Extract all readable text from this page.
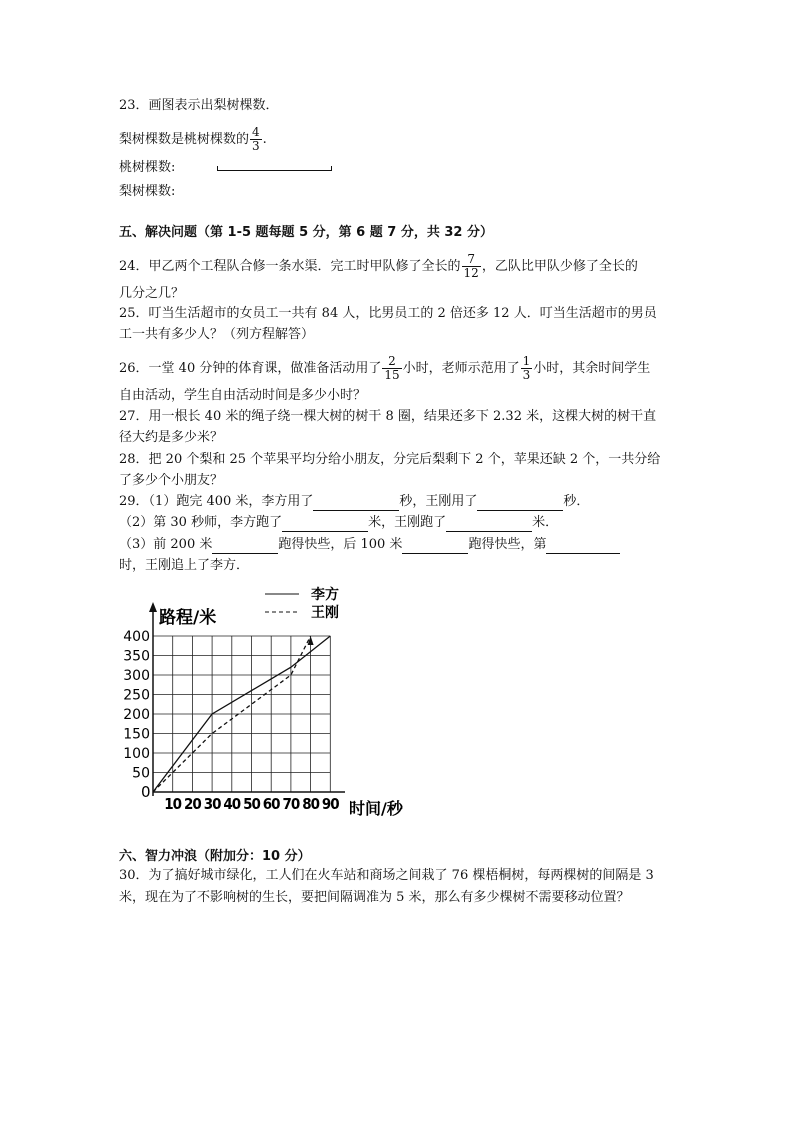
23．画图表示出梨树棵数．
梨树棵数是桃树棵数的 $\frac{4}{3}$ .
桃树棵数:
梨树棵数:
五、解决问题（第 1-5 题每题 5 分，第 6 题 7 分，共 32 分）
24．甲乙两个工程队合修一条水渠．完工时甲队修了全长的 $\frac{7}{12}$ ，乙队比甲队少修了全长的
几分之几？
25．叮当生活超市的女员工一共有 84 人，比男员工的 2 倍还多 12 人．叮当生活超市的男员
工一共有多少人？（列方程解答）
26．一堂 40 分钟的体育课，做准备活动用了 $\frac{2}{15}$ 小时，老师示范用了 $\frac{1}{3}$ 小时，其余时间学生
自由活动，学生自由活动时间是多少小时？
27．用一根长 40 米的绳子绕一棵大树的树干 8 圈，结果还多下 2.32 米，这棵大树的树干直
径大约是多少米？
28．把 20 个梨和 25 个苹果平均分给小朋友，分完后梨剩下 2 个，苹果还缺 2 个，一共分给
了多少个小朋友？
29．（1）跑完 400 米，李方用了	秒，王刚用了	秒．
（2）第 30 秒师，李方跑了	米，王刚跑了	米．
（3）前 200 米	跑得快些，后 100 米	跑得快些，第
时，王刚追上了李方．
路程/米
时间/秒
0
10 20 30 40 50 60 70 80 90
50
100
150
200
250
300
350
400
李方
王刚
六、智力冲浪（附加分：10 分）
30．为了搞好城市绿化，工人们在火车站和商场之间栽了 76 棵梧桐树，每两棵树的间隔是 3
米，现在为了不影响树的生长，要把间隔调准为 5 米，那么有多少棵树不需要移动位置？
